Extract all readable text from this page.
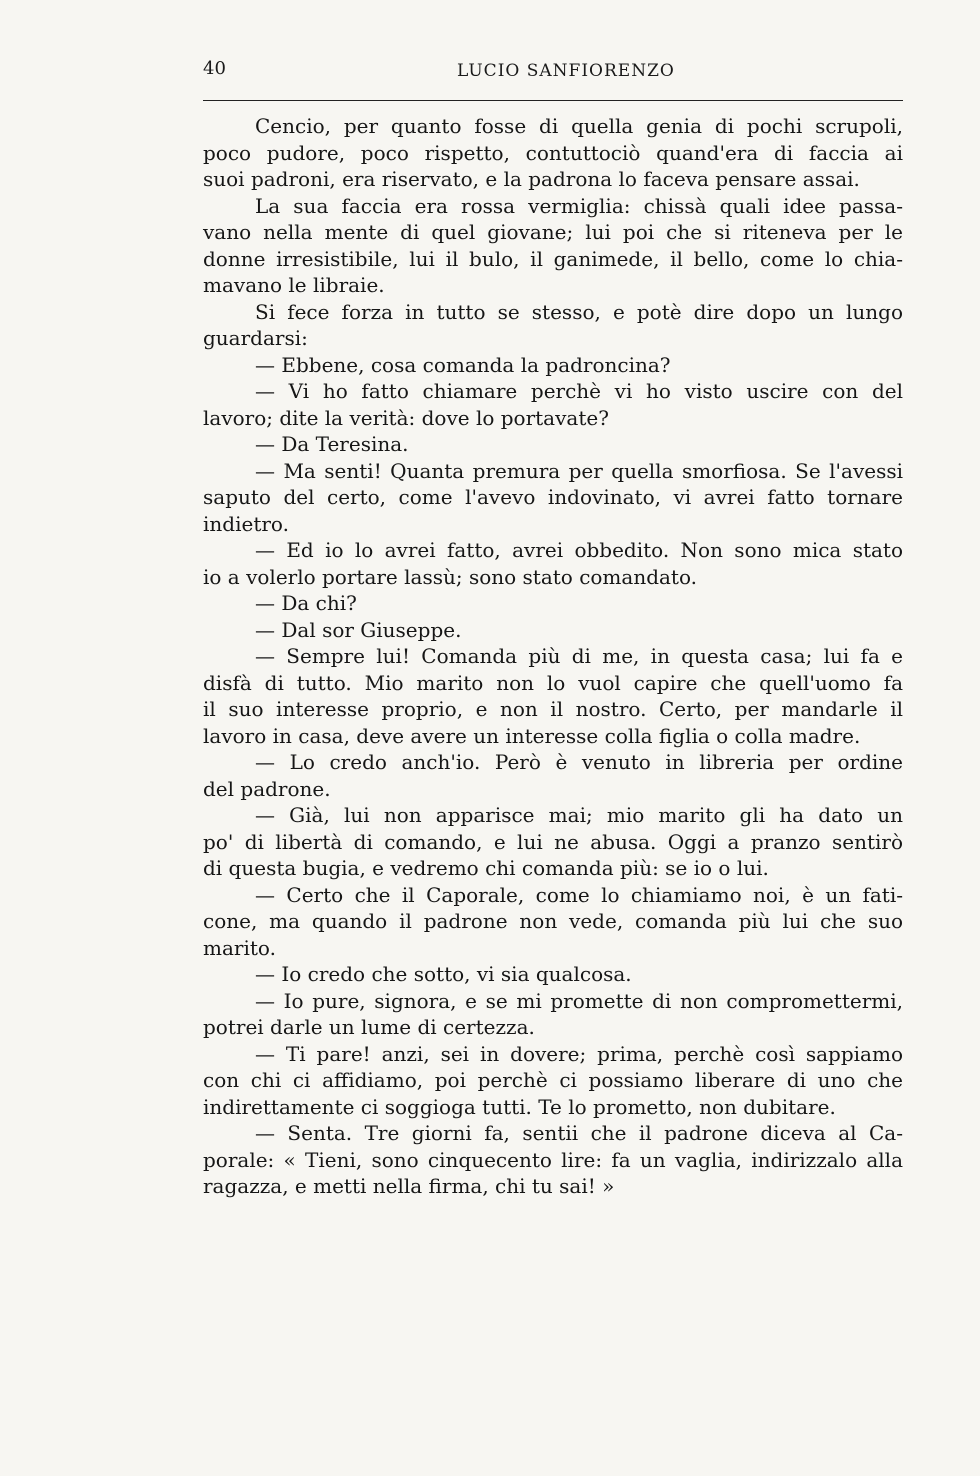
40	LUCIO SANFIORENZO
Cencio, per quanto fosse di quella genia di pochi scrupoli,
poco pudore, poco rispetto, contuttociò quand'era di faccia ai
suoi padroni, era riservato, e la padrona lo faceva pensare assai.
La sua faccia era rossa vermiglia: chissà quali idee passa-
vano nella mente di quel giovane; lui poi che si riteneva per le
donne irresistibile, lui il bulo, il ganimede, il bello, come lo chia-
mavano le libraie.
Si fece forza in tutto se stesso, e potè dire dopo un lungo
guardarsi:
— Ebbene, cosa comanda la padroncina?
— Vi ho fatto chiamare perchè vi ho visto uscire con del
lavoro; dite la verità: dove lo portavate?
— Da Teresina.
— Ma senti! Quanta premura per quella smorfiosa. Se l'avessi
saputo del certo, come l'avevo indovinato, vi avrei fatto tornare
indietro.
— Ed io lo avrei fatto, avrei obbedito. Non sono mica stato
io a volerlo portare lassù; sono stato comandato.
— Da chi?
— Dal sor Giuseppe.
— Sempre lui! Comanda più di me, in questa casa; lui fa e
disfà di tutto. Mio marito non lo vuol capire che quell'uomo fa
il suo interesse proprio, e non il nostro. Certo, per mandarle il
lavoro in casa, deve avere un interesse colla figlia o colla madre.
— Lo credo anch'io. Però è venuto in libreria per ordine
del padrone.
— Già, lui non apparisce mai; mio marito gli ha dato un
po' di libertà di comando, e lui ne abusa. Oggi a pranzo sentirò
di questa bugia, e vedremo chi comanda più: se io o lui.
— Certo che il Caporale, come lo chiamiamo noi, è un fati-
cone, ma quando il padrone non vede, comanda più lui che suo
marito.
— Io credo che sotto, vi sia qualcosa.
— Io pure, signora, e se mi promette di non compromettermi,
potrei darle un lume di certezza.
— Ti pare! anzi, sei in dovere; prima, perchè così sappiamo
con chi ci affidiamo, poi perchè ci possiamo liberare di uno che
indirettamente ci soggioga tutti. Te lo prometto, non dubitare.
— Senta. Tre giorni fa, sentii che il padrone diceva al Ca-
porale: « Tieni, sono cinquecento lire: fa un vaglia, indirizzalo alla
ragazza, e metti nella firma, chi tu sai! »
